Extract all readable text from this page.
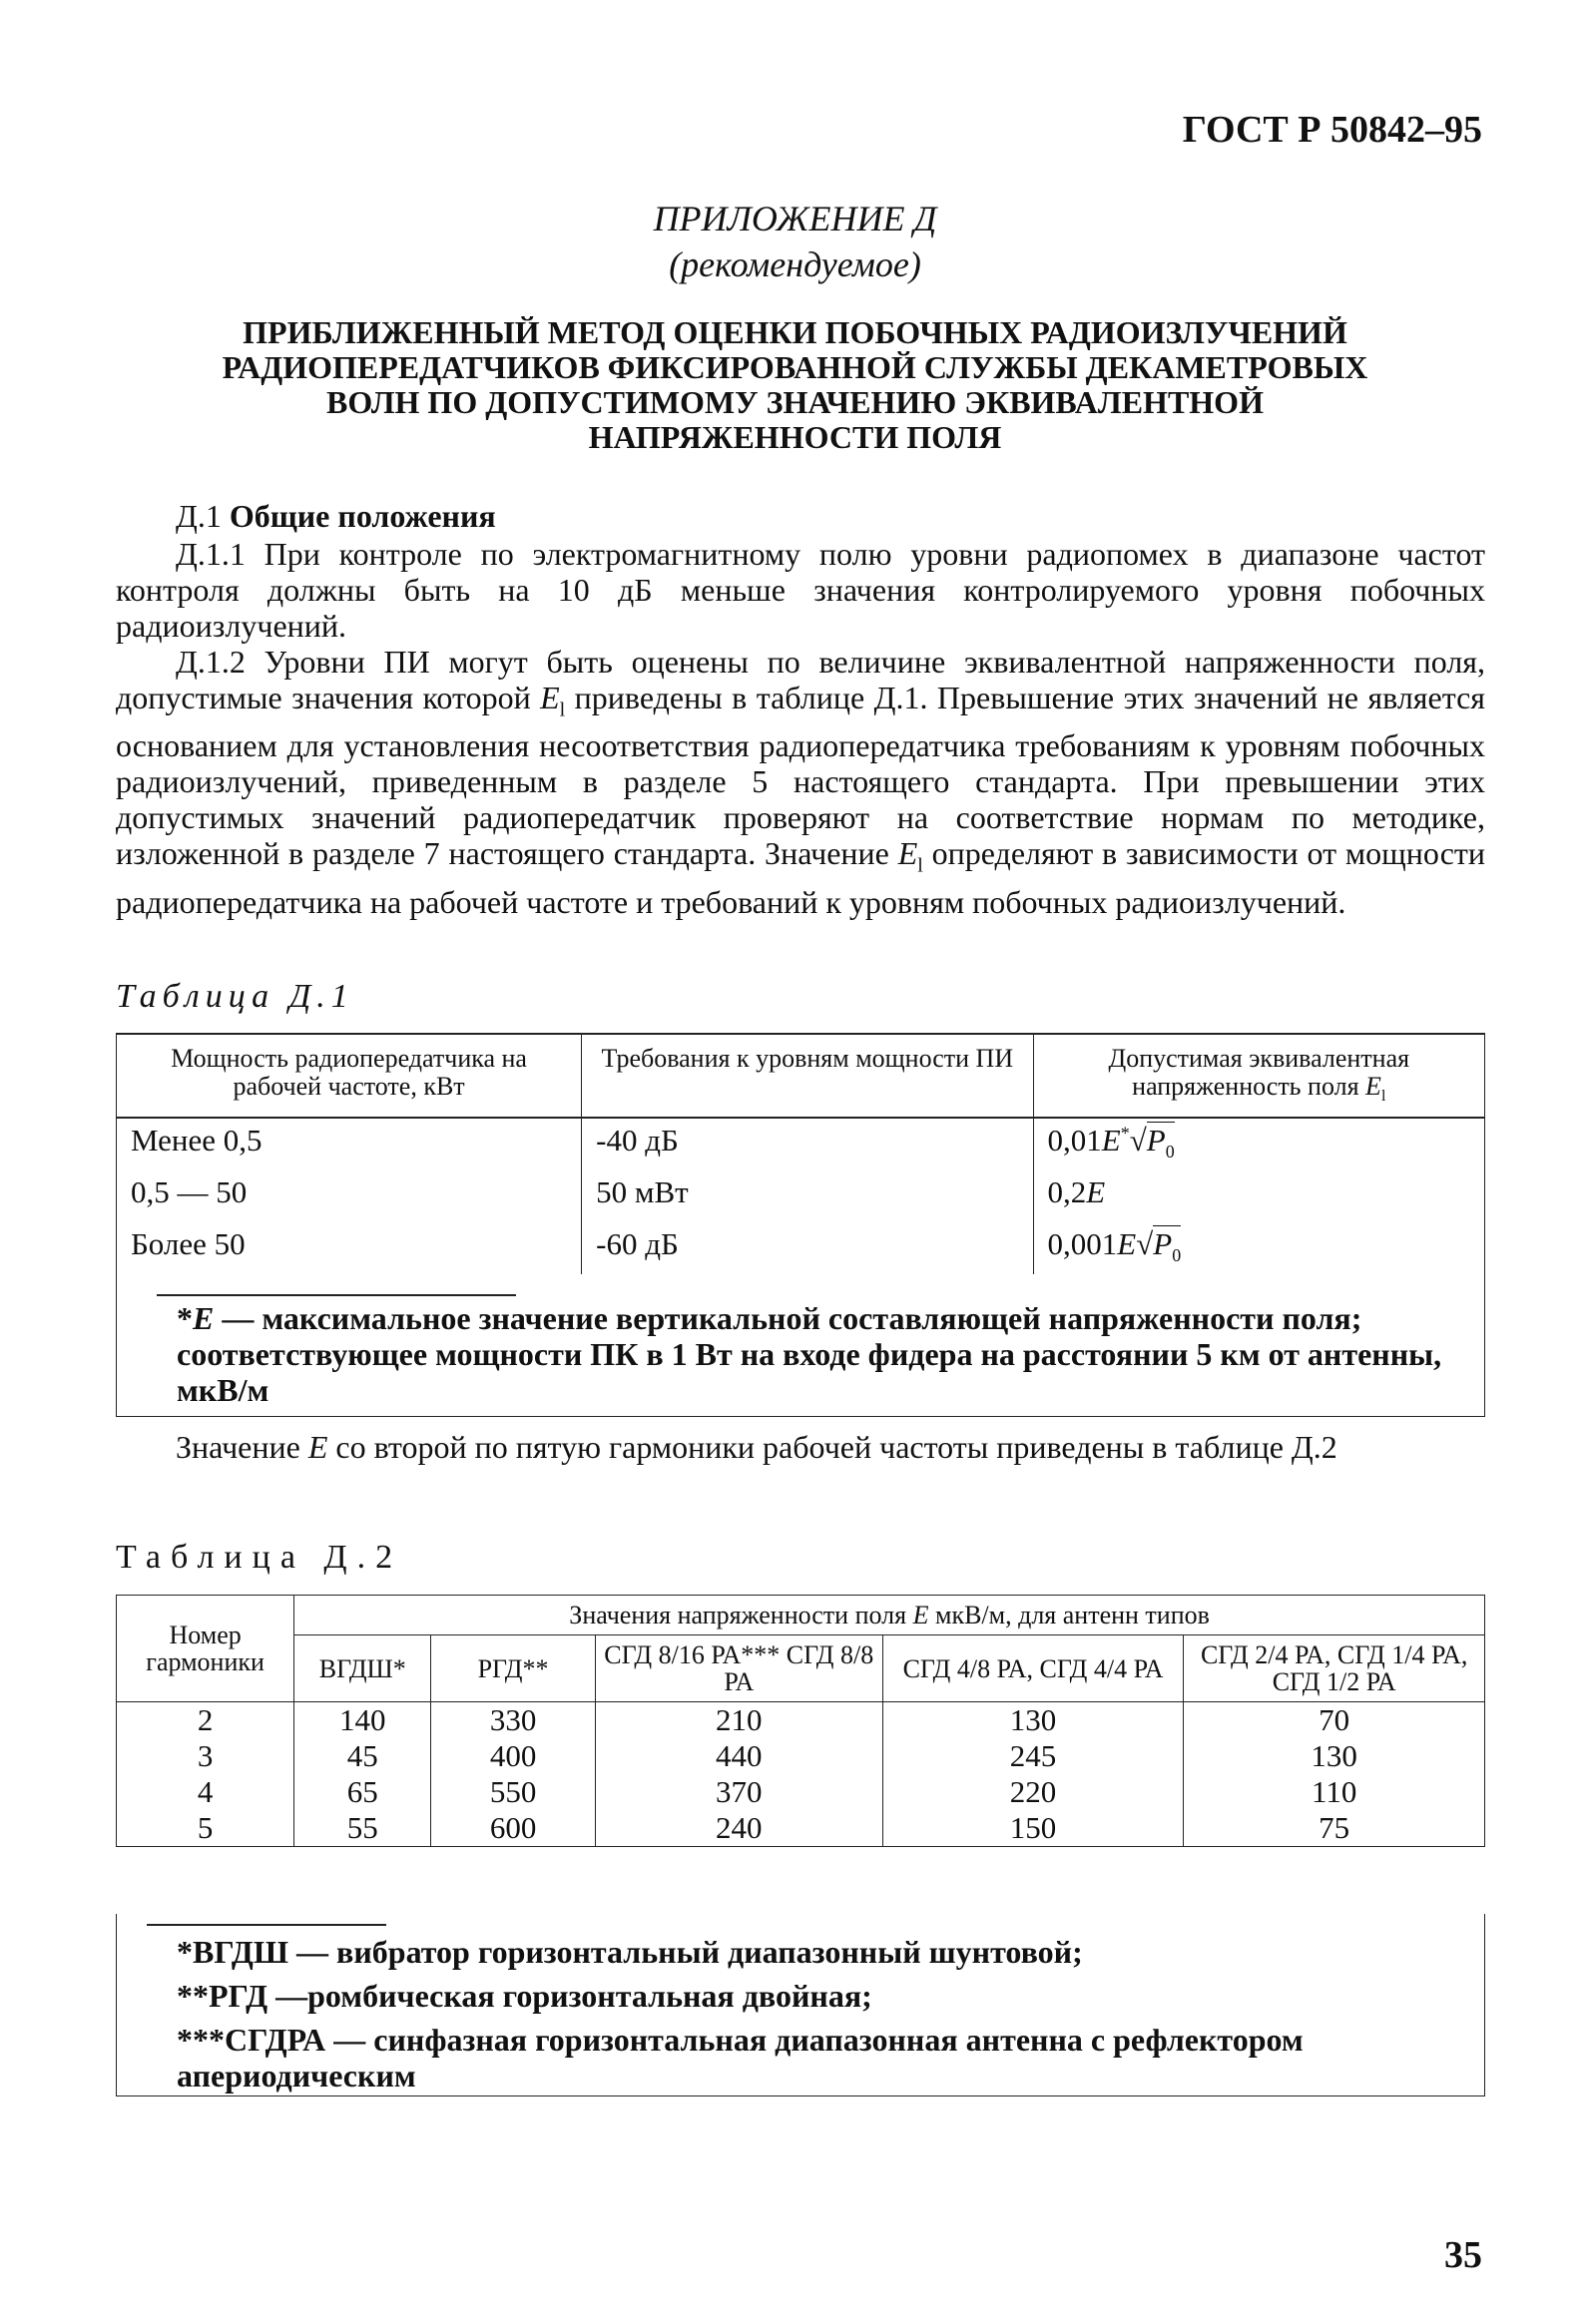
ГОСТ Р 50842–95
ПРИЛОЖЕНИЕ Д
(рекомендуемое)
ПРИБЛИЖЕННЫЙ МЕТОД ОЦЕНКИ ПОБОЧНЫХ РАДИОИЗЛУЧЕНИЙ
РАДИОПЕРЕДАТЧИКОВ ФИКСИРОВАННОЙ СЛУЖБЫ ДЕКАМЕТРОВЫХ
ВОЛН ПО ДОПУСТИМОМУ ЗНАЧЕНИЮ ЭКВИВАЛЕНТНОЙ
НАПРЯЖЕННОСТИ ПОЛЯ
Д.1 Общие положения

Д.1.1 При контроле по электромагнитному полю уровни радиопомех в диапазоне частот контроля должны быть на 10 дБ меньше значения контролируемого уровня побочных радиоизлучений.

Д.1.2 Уровни ПИ могут быть оценены по величине эквивалентной напряженности поля, допустимые значения которой $E_l$ приведены в таблице Д.1. Превышение этих значений не является основанием для установления несоответствия радиопередатчика требованиям к уровням побочных радиоизлучений, приведенным в разделе 5 настоящего стандарта. При превышении этих допустимых значений радиопередатчик проверяют на соответствие нормам по методике, изложенной в разделе 7 настоящего стандарта. Значение $E_l$ определяют в зависимости от мощности радиопередатчика на рабочей частоте и требований к уровням побочных радиоизлучений.

Таблица Д.1
Мощность радиопередатчика на рабочей частоте, кВт	Требования к уровням мощности ПИ	Допустимая эквивалентная напряженность поля $E_l$
Менее 0,5	-40 дБ	$0,01E^*√P_0$
0,5 — 50	50 мВт	0,2E
Более 50	-60 дБ	$0,001E√P_0$

*E — максимальное значение вертикальной составляющей напряженности поля; соответствующее мощности ПК в 1 Вт на входе фидера на расстоянии 5 км от антенны, мкВ/м		

Значение E со второй по пятую гармоники рабочей частоты приведены в таблице Д.2

Таблица Д.2
Номер гармоники	Значения напряженности поля E мкВ/м, для антенн типов				
	ВГДШ*	РГД**	СГД 8/16 РА*** СГД 8/8 РА	СГД 4/8 РА, СГД 4/4 РА	СГД 2/4 РА, СГД 1/4 РА, СГД 1/2 РА
2	140	330	210	130	70
3	45	400	440	245	130
4	65	550	370	220	110
5	55	600	240	150	75
*ВГДШ — вибратор горизонтальный диапазонный шунтовой;
**РГД —ромбическая горизонтальная двойная;
***СГДРА — синфазная горизонтальная диапазонная антенна с рефлектором апериодическим
35
